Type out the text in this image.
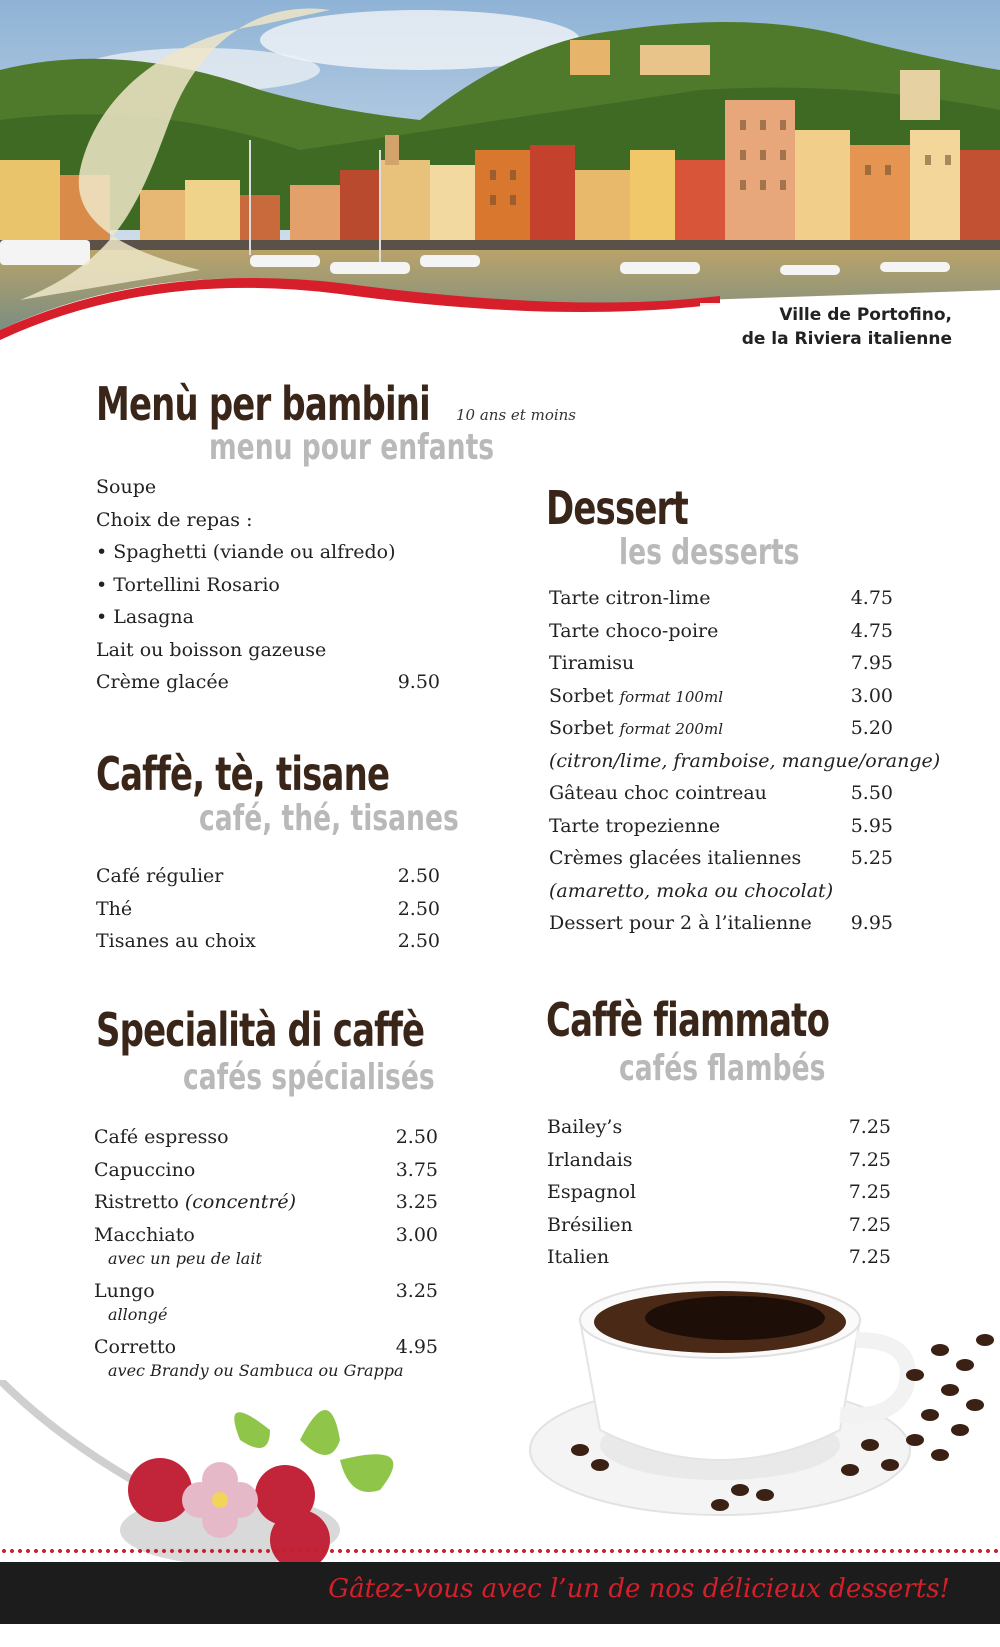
Ville de Portofino,
de la Riviera italienne
Menù per bambini 10 ans et moins
menu pour enfants
Soupe
Choix de repas :
• Spaghetti (viande ou alfredo)
• Tortellini Rosario
• Lasagna
Lait ou boisson gazeuse
Crème glacée	9.50
Caffè, tè, tisane
café, thé, tisanes
Café régulier	2.50
Thé	2.50
Tisanes au choix	2.50
Specialità di caffè
cafés spécialisés
Café espresso	2.50
Capuccino	3.75
Ristretto (concentré)	3.25
Macchiato	3.00
avec un peu de lait
Lungo	3.25
allongé
Corretto	4.95
avec Brandy ou Sambuca ou Grappa
Dessert
les desserts
Tarte citron-lime	4.75
Tarte choco-poire	4.75
Tiramisu	7.95
Sorbet format 100ml	3.00
Sorbet format 200ml	5.20
(citron/lime, framboise, mangue/orange)
Gâteau choc cointreau	5.50
Tarte tropezienne	5.95
Crèmes glacées italiennes	5.25
(amaretto, moka ou chocolat)
Dessert pour 2 à l’italienne 9.95
Caffè fiammato
cafés flambés
Bailey’s	7.25
Irlandais	7.25
Espagnol	7.25
Brésilien	7.25
Italien	7.25
Gâtez-vous avec l’un de nos délicieux desserts!
